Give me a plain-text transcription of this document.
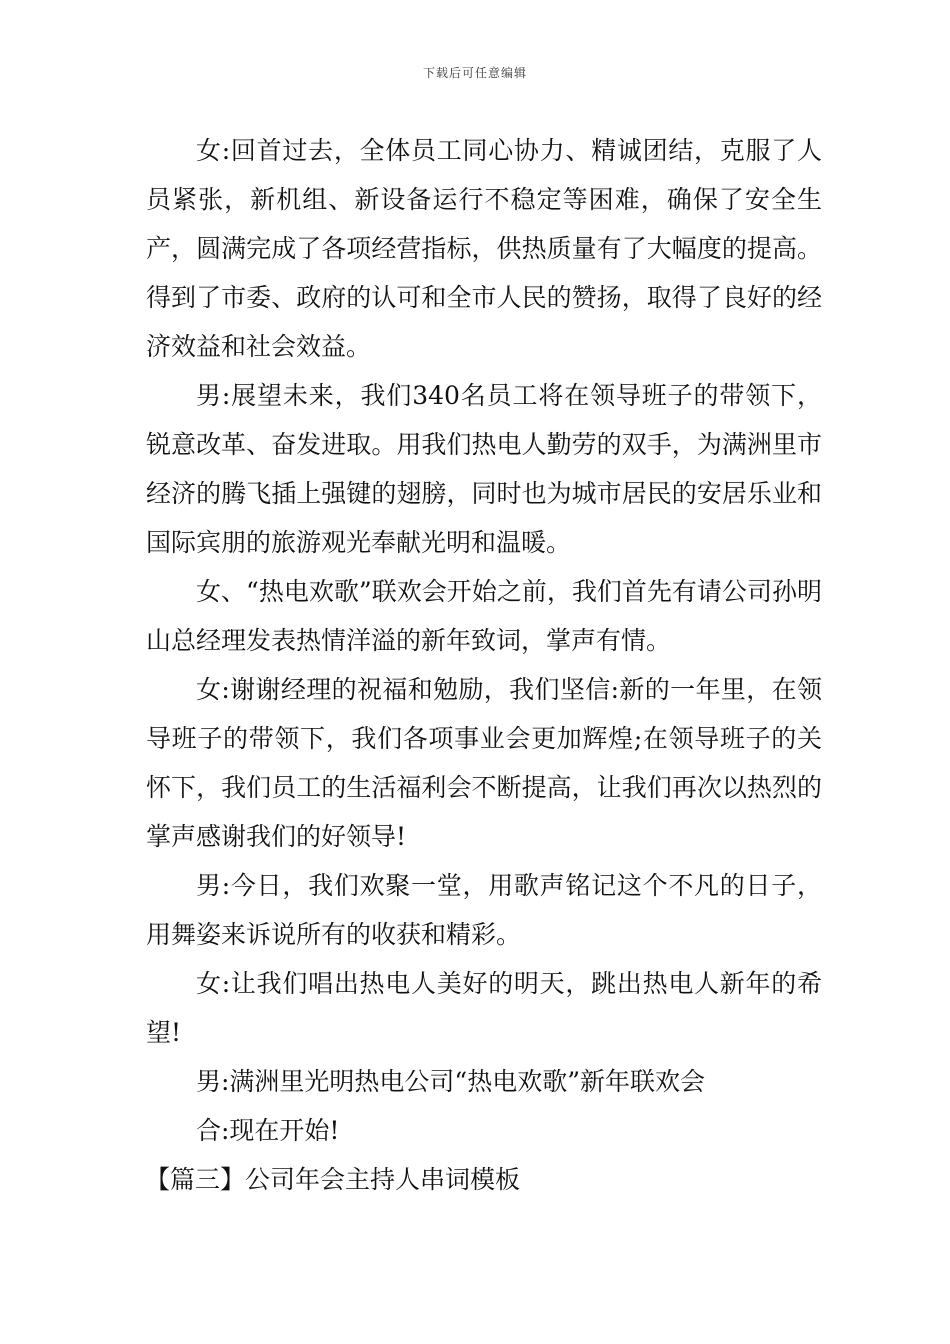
下载后可任意编辑

女:回首过去，全体员工同心协力、精诚团结，克服了人员紧张，新机组、新设备运行不稳定等困难，确保了安全生产，圆满完成了各项经营指标，供热质量有了大幅度的提高。得到了市委、政府的认可和全市人民的赞扬，取得了良好的经济效益和社会效益。

男:展望未来，我们340名员工将在领导班子的带领下，锐意改革、奋发进取。用我们热电人勤劳的双手，为满洲里市经济的腾飞插上强键的翅膀，同时也为城市居民的安居乐业和国际宾朋的旅游观光奉献光明和温暖。

女、“热电欢歌”联欢会开始之前，我们首先有请公司孙明山总经理发表热情洋溢的新年致词，掌声有情。

女:谢谢经理的祝福和勉励，我们坚信:新的一年里，在领导班子的带领下，我们各项事业会更加辉煌;在领导班子的关怀下，我们员工的生活福利会不断提高，让我们再次以热烈的掌声感谢我们的好领导!

男:今日，我们欢聚一堂，用歌声铭记这个不凡的日子，用舞姿来诉说所有的收获和精彩。

女:让我们唱出热电人美好的明天，跳出热电人新年的希望!

男:满洲里光明热电公司“热电欢歌”新年联欢会

合:现在开始!

【篇三】公司年会主持人串词模板
